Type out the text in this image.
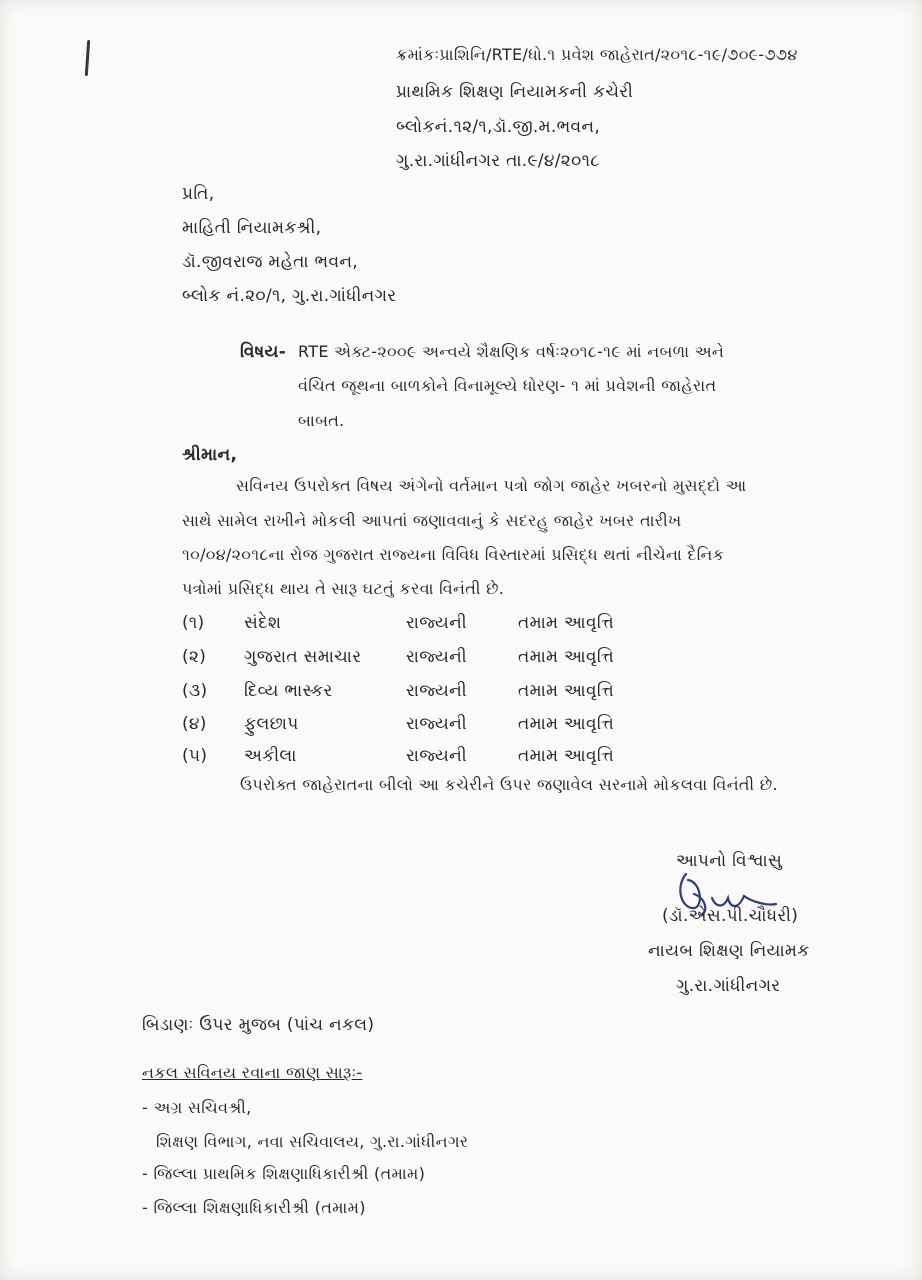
ક્રમાંકઃપ્રાશિનિ/RTE/ધો.૧ પ્રવેશ જાહેરાત/૨૦૧૮-૧૯/૭૦૯-૭૭૪
પ્રાથમિક શિક્ષણ નિયામકની કચેરી
બ્લોકનં.૧૨/૧,ડૉ.જી.મ.ભવન,
ગુ.રા.ગાંધીનગર તા.૯/૪/૨૦૧૮
પ્રતિ,
માહિતી નિયામકશ્રી,
ડૉ.જીવરાજ મહેતા ભવન,
બ્લોક નં.૨૦/૧, ગુ.રા.ગાંધીનગર
વિષય- RTE એક્ટ-૨૦૦૯ અન્વયે શૈક્ષણિક વર્ષઃ૨૦૧૮-૧૯ માં નબળા અને
વંચિત જૂથના બાળકોને વિનામૂલ્યે ધોરણ- ૧ માં પ્રવેશની જાહેરાત
બાબત.
શ્રીમાન,
સવિનય ઉપરોક્ત વિષય અંગેનો વર્તમાન પત્રો જોગ જાહેર ખબરનો મુસદ્દો આ
સાથે સામેલ રાખીને મોકલી આપતાં જણાવવાનું કે સદરહુ જાહેર ખબર તારીખ
૧૦/૦૪/૨૦૧૮ના રોજ ગુજરાત રાજ્યના વિવિધ વિસ્તારમાં પ્રસિદ્ધ થતાં નીચેના દૈનિક
પત્રોમાં પ્રસિદ્ધ થાય તે સારૂ ઘટતું કરવા વિનંતી છે.
(૧) સંદેશ	રાજ્યની	તમામ આવૃત્તિ
(૨) ગુજરાત સમાચાર	રાજ્યની	તમામ આવૃત્તિ
(૩) દિવ્ય ભાસ્કર	રાજ્યની	તમામ આવૃત્તિ
(૪) ફુલછાપ	રાજ્યની	તમામ આવૃત્તિ
(૫) અકીલા	રાજ્યની	તમામ આવૃત્તિ
ઉપરોક્ત જાહેરાતના બીલો આ કચેરીને ઉપર જણાવેલ સરનામે મોકલવા વિનંતી છે.
આપનો વિશ્વાસુ
(ડૉ.એસ.પી.ચૌધરી)
નાયબ શિક્ષણ નિયામક
ગુ.રા.ગાંધીનગર
બિડાણઃ ઉપર મુજબ (પાંચ નકલ)
નકલ સવિનય રવાના જાણ સારૂઃ-
- અગ્ર સચિવશ્રી,
શિક્ષણ વિભાગ, નવા સચિવાલય, ગુ.રા.ગાંધીનગર
- જિલ્લા પ્રાથમિક શિક્ષણાધિકારીશ્રી (તમામ)
- જિલ્લા શિક્ષણાધિકારીશ્રી (તમામ)
